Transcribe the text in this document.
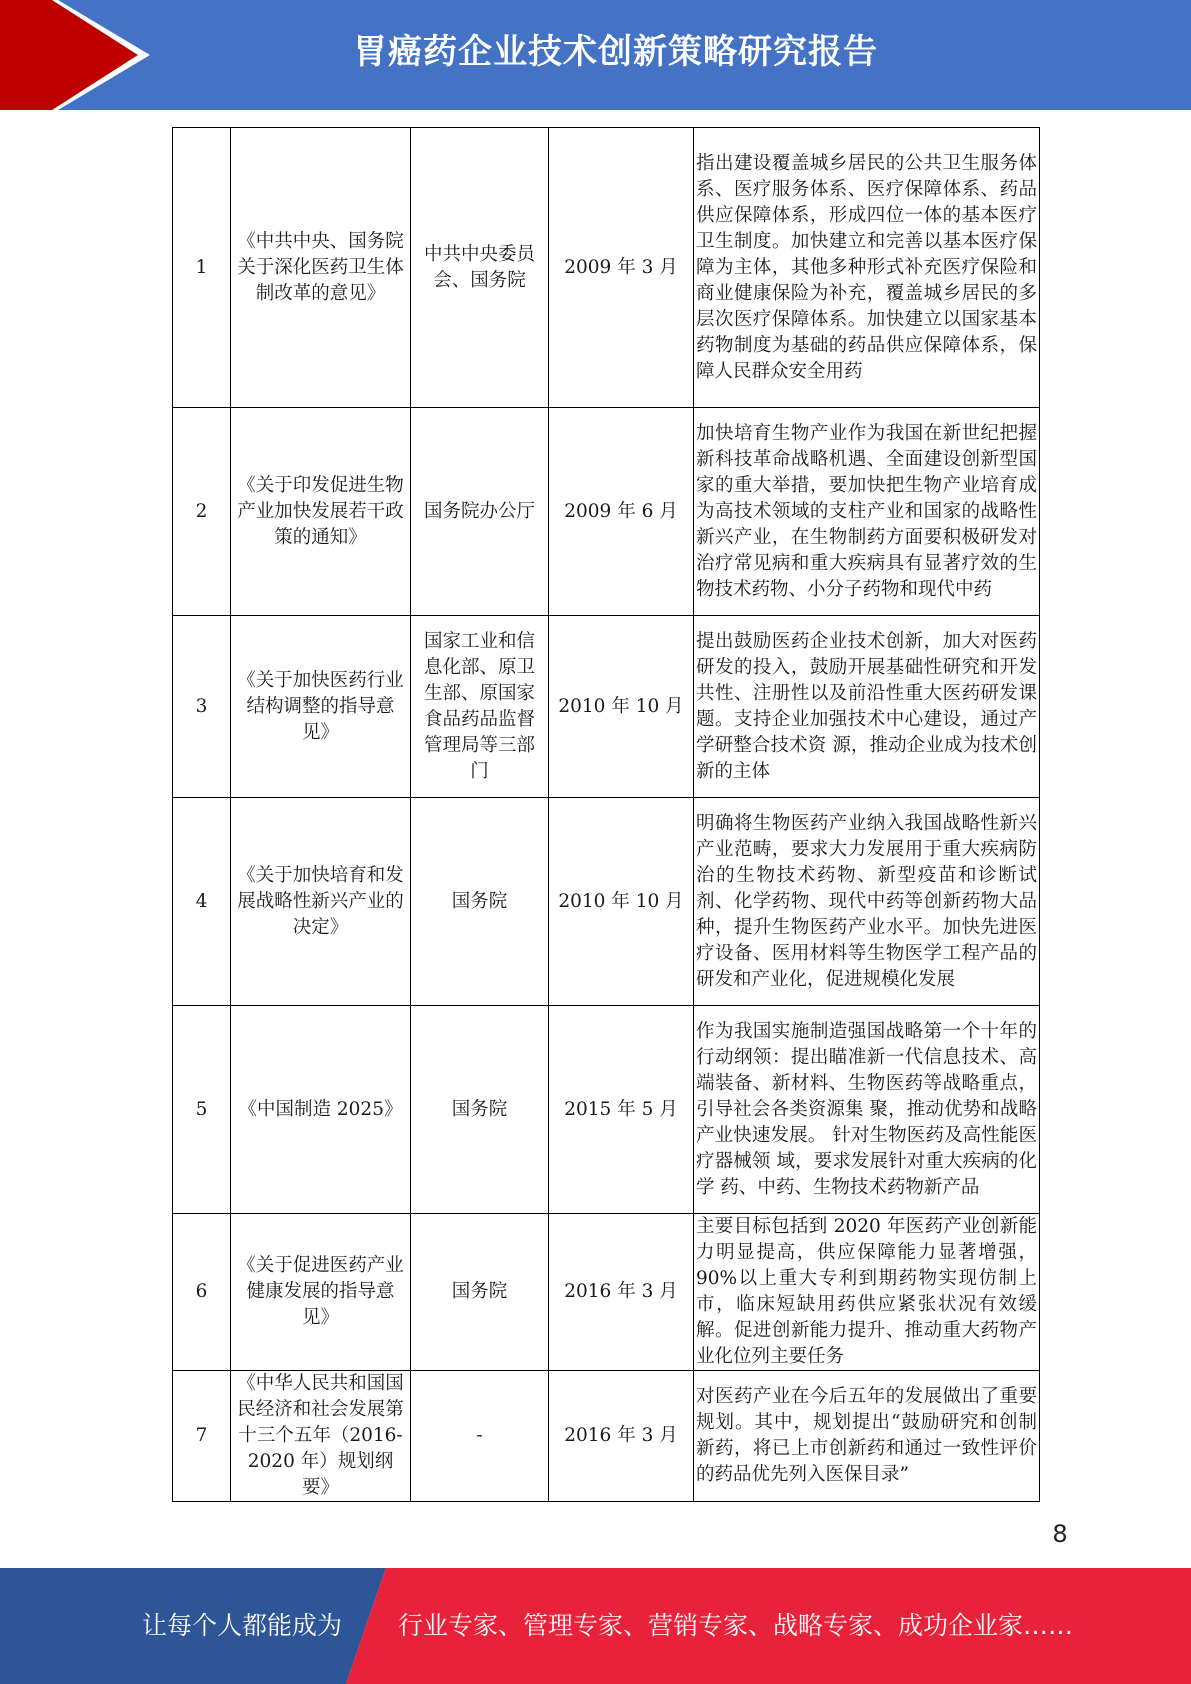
胃癌药企业技术创新策略研究报告
1	《中共中央、国务院关于深化医药卫生体制改革的意见》	中共中央委员会、国务院	2009 年 3 月	指出建设覆盖城乡居民的公共卫生服务体系、医疗服务体系、医疗保障体系、药品供应保障体系，形成四位一体的基本医疗卫生制度。加快建立和完善以基本医疗保障为主体，其他多种形式补充医疗保险和商业健康保险为补充，覆盖城乡居民的多层次医疗保障体系。加快建立以国家基本药物制度为基础的药品供应保障体系，保 障人民群众安全用药
2	《关于印发促进生物产业加快发展若干政策的通知》	国务院办公厅	2009 年 6 月	加快培育生物产业作为我国在新世纪把握新科技革命战略机遇、全面建设创新型国家的重大举措，要加快把生物产业培育成为高技术领域的支柱产业和国家的战略性新兴产业，在生物制药方面要积极研发对治疗常见病和重大疾病具有显著疗效的生物技术药物、小分子药物和现代中药
3	《关于加快医药行业结构调整的指导意见》	国家工业和信息化部、原卫生部、原国家食品药品监督管理局等三部门	2010 年 10 月	提出鼓励医药企业技术创新，加大对医药研发的投入，鼓励开展基础性研究和开发共性、注册性以及前沿性重大医药研发课题。支持企业加强技术中心建设，通过产学研整合技术资 源，推动企业成为技术创新的主体
4	《关于加快培育和发展战略性新兴产业的决定》	国务院	2010 年 10 月	明确将生物医药产业纳入我国战略性新兴产业范畴，要求大力发展用于重大疾病防治的生物技术药物、新型疫苗和诊断试剂、化学药物、现代中药等创新药物大品种，提升生物医药产业水平。加快先进医疗设备、医用材料等生物医学工程产品的研发和产业化，促进规模化发展
5	《中国制造 2025》	国务院	2015 年 5 月	作为我国实施制造强国战略第一个十年的行动纲领：提出瞄准新一代信息技术、高端装备、新材料、生物医药等战略重点，引导社会各类资源集 聚，推动优势和战略产业快速发展。 针对生物医药及高性能医疗器械领 域，要求发展针对重大疾病的化学 药、中药、生物技术药物新产品
6	《关于促进医药产业健康发展的指导意见》	国务院	2016 年 3 月	主要目标包括到 2020 年医药产业创新能力明显提高，供应保障能力显著增强，90%以上重大专利到期药物实现仿制上市，临床短缺用药供应紧张状况有效缓解。促进创新能力提升、推动重大药物产业化位列主要任务
7	《中华人民共和国国民经济和社会发展第十三个五年（2016-2020 年）规划纲要》	-	2016 年 3 月	对医药产业在今后五年的发展做出了重要规划。其中，规划提出“鼓励研究和创制新药，将已上市创新药和通过一致性评价的药品优先列入医保目录”
8
让每个人都能成为 行业专家、管理专家、营销专家、战略专家、成功企业家……
